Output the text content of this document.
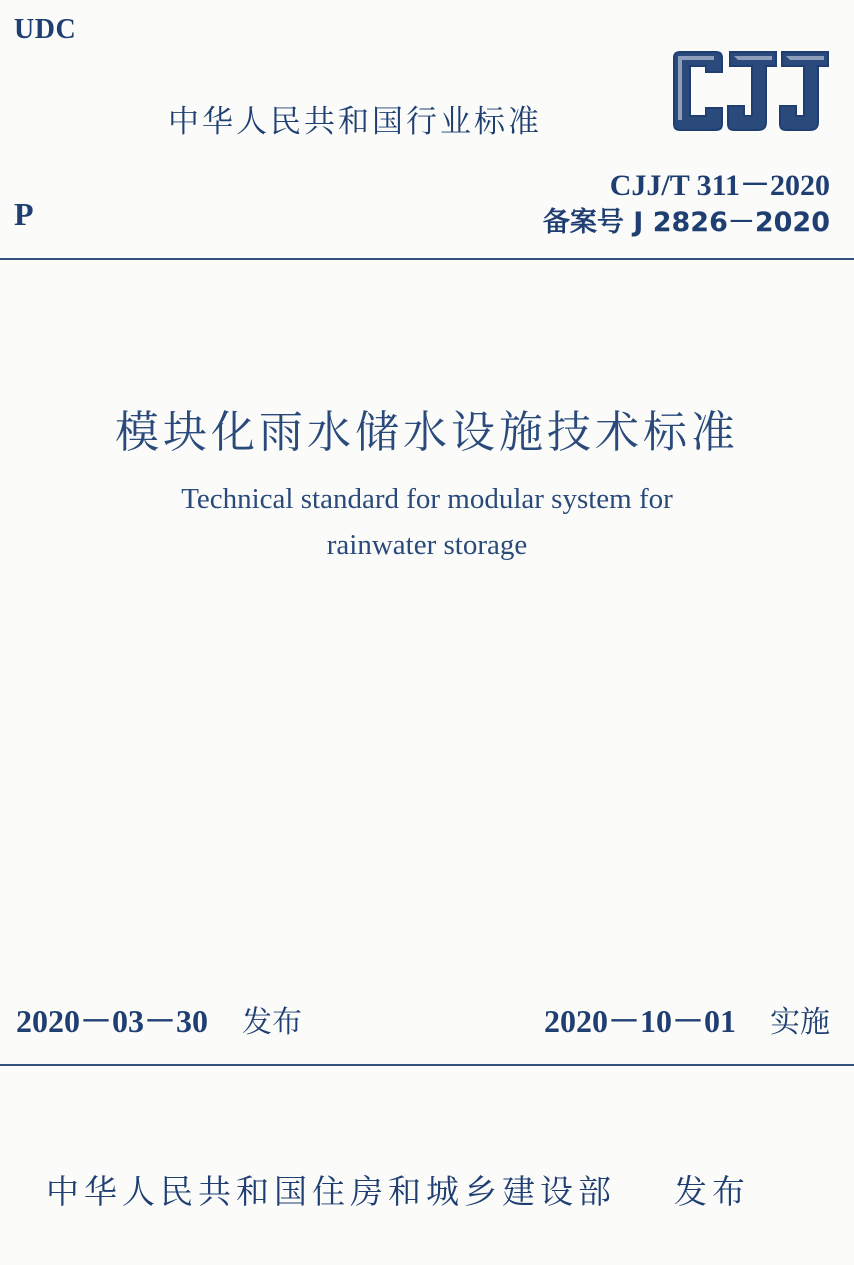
UDC
中华人民共和国行业标准
CJJ/T 311－2020
P	备案号 J 2826－2020
模块化雨水储水设施技术标准
Technical standard for modular system for
rainwater storage
2020－03－30 发布	2020－10－01 实施
中华人民共和国住房和城乡建设部 发布
